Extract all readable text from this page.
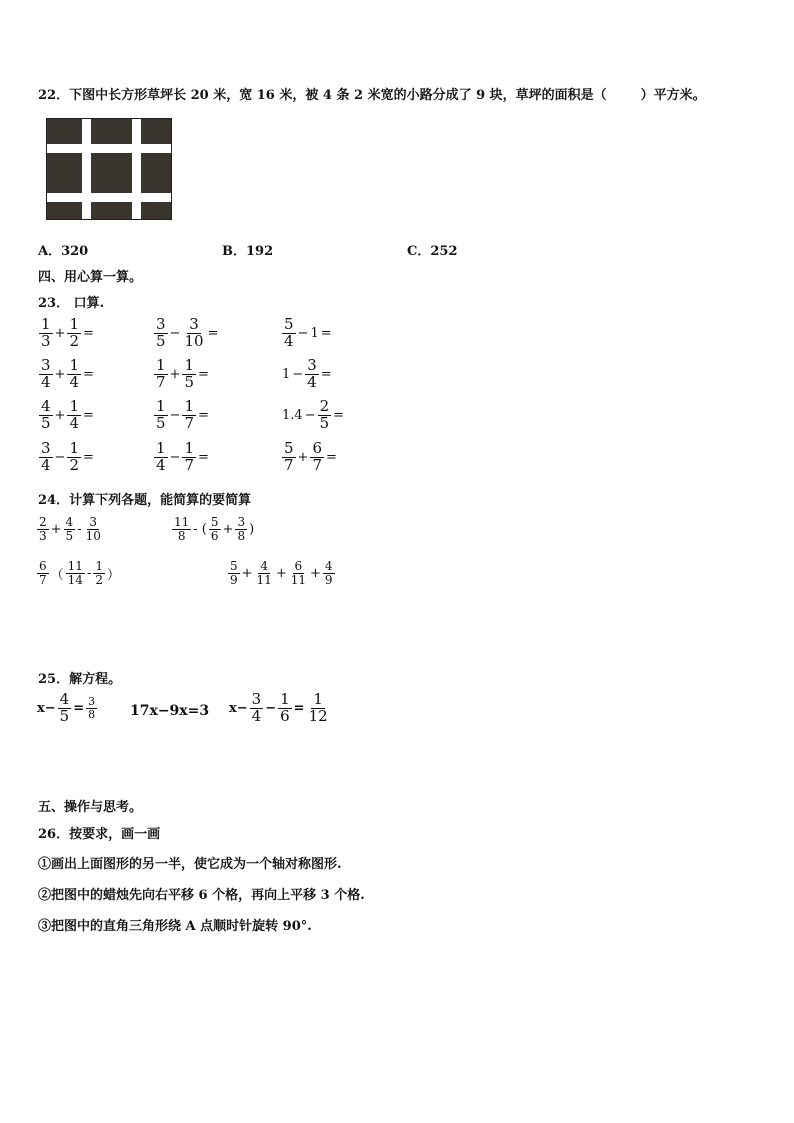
22．下图中长方形草坪长 20 米，宽 16 米，被 4 条 2 米宽的小路分成了 9 块，草坪的面积是（	）平方米。
A．320	B．192	C．252
四、用心算一算。
23． 口算.
$\frac{1}{3} + \frac{1}{2}$ =	$\frac{3}{5} - \frac{3}{10}$ =	$\frac{5}{4} - 1$ =
$\frac{3}{4} + \frac{1}{4}$ =	$\frac{1}{7} + \frac{1}{5}$ =	$1 - \frac{3}{4}$ =
$\frac{4}{5} + \frac{1}{4}$ =	$\frac{1}{5} - \frac{1}{7}$ =	$1.4 - \frac{2}{5}$ =
$\frac{3}{4} - \frac{1}{2}$ =	$\frac{1}{4} - \frac{1}{7}$ =	$\frac{5}{7} + \frac{6}{7}$ =
24．计算下列各题，能简算的要简算
$\frac{2}{3} + \frac{4}{5} - \frac{3}{10}$	$\frac{11}{8}$ - ( $\frac{5}{6} + \frac{3}{8}$ )
$\frac{6}{7}$ （ $\frac{11}{14} - \frac{1}{2}$ ）	$\frac{5}{9} + \frac{4}{11} + \frac{6}{11} + \frac{4}{9}$
25．解方程。
$x- \frac{4}{5} = \frac{3}{8} 17x-9x=3$ $x- \frac{3}{4} - \frac{1}{6} = \frac{1}{12}$
五、操作与思考。
26．按要求，画一画
①画出上面图形的另一半，使它成为一个轴对称图形.
②把图中的蜡烛先向右平移 6 个格，再向上平移 3 个格.
③把图中的直角三角形绕 A 点顺时针旋转 90°.
